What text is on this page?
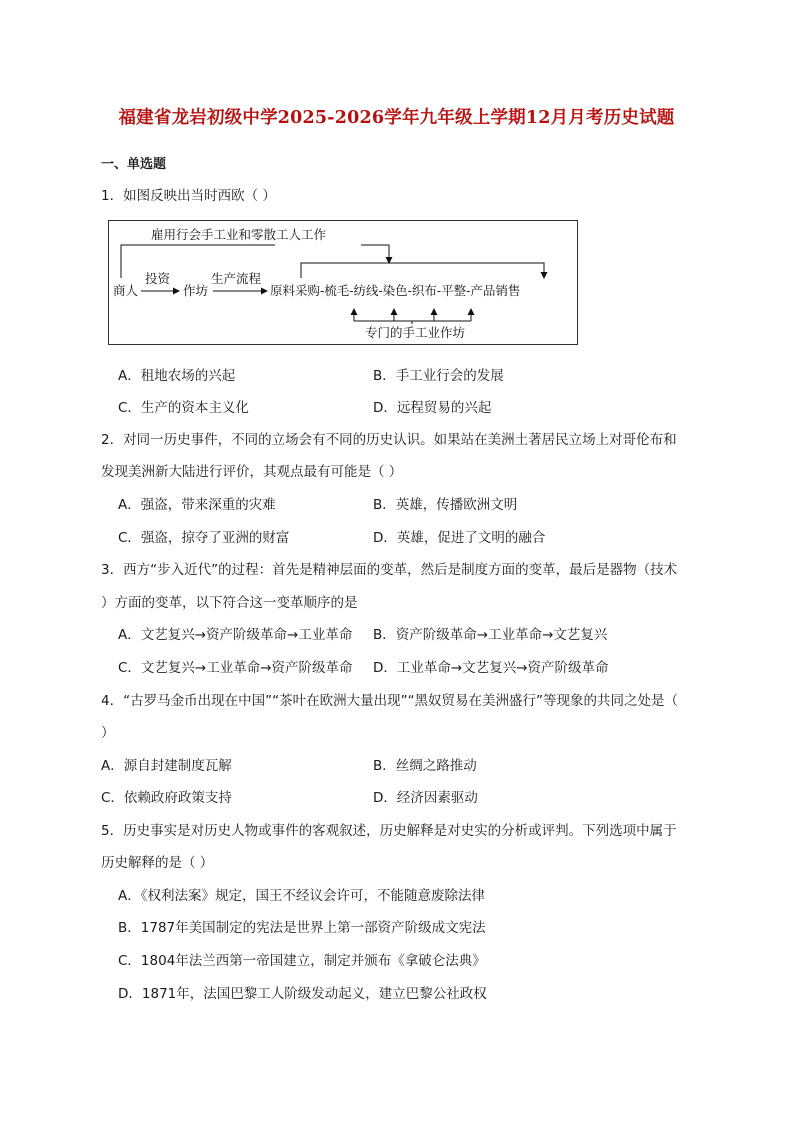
福建省龙岩初级中学2025-2026学年九年级上学期12月月考历史试题
一、单选题
1．如图反映出当时西欧（ ）
雇用行会手工业和零散工人工作
商人
投资
作坊
生产流程
原料采购-梳毛-纺线-染色-织布-平整-产品销售
专门的手工业作坊
A．租地农场的兴起	B．手工业行会的发展
C．生产的资本主义化	D．远程贸易的兴起
2．对同一历史事件，不同的立场会有不同的历史认识。如果站在美洲土著居民立场上对哥伦布和
发现美洲新大陆进行评价，其观点最有可能是（ ）
A．强盗，带来深重的灾难	B．英雄，传播欧洲文明
C．强盗，掠夺了亚洲的财富	D．英雄，促进了文明的融合
3．西方“步入近代”的过程：首先是精神层面的变革，然后是制度方面的变革，最后是器物（技术
）方面的变革，以下符合这一变革顺序的是
A．文艺复兴→资产阶级革命→工业革命 B．资产阶级革命→工业革命→文艺复兴
C．文艺复兴→工业革命→资产阶级革命 D．工业革命→文艺复兴→资产阶级革命
4．“古罗马金币出现在中国”“茶叶在欧洲大量出现”“黑奴贸易在美洲盛行”等现象的共同之处是（
）
A．源自封建制度瓦解	B．丝绸之路推动
C．依赖政府政策支持	D．经济因素驱动
5．历史事实是对历史人物或事件的客观叙述，历史解释是对史实的分析或评判。下列选项中属于
历史解释的是（ ）
A．《权利法案》规定，国王不经议会许可，不能随意废除法律
B．1787年美国制定的宪法是世界上第一部资产阶级成文宪法
C．1804年法兰西第一帝国建立，制定并颁布《拿破仑法典》
D．1871年，法国巴黎工人阶级发动起义，建立巴黎公社政权
